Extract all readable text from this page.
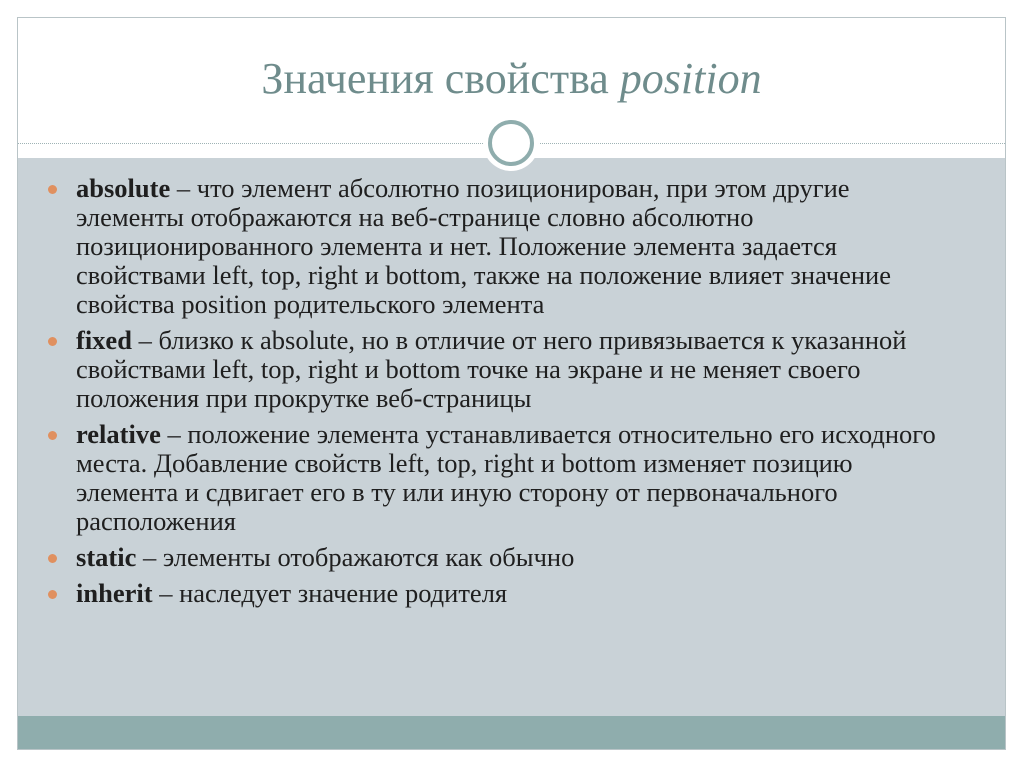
Значения свойства position
absolute – что элемент абсолютно позиционирован, при этом другие элементы отображаются на веб-странице словно абсолютно позиционированного элемента и нет. Положение элемента задается свойствами left, top, right и bottom, также на положение влияет значение свойства position родительского элемента
fixed – близко к absolute, но в отличие от него привязывается к указанной свойствами left, top, right и bottom точке на экране и не меняет своего положения при прокрутке веб-страницы
relative – положение элемента устанавливается относительно его исходного места. Добавление свойств left, top, right и bottom изменяет позицию элемента и сдвигает его в ту или иную сторону от первоначального расположения
static – элементы отображаются как обычно
inherit – наследует значение родителя
